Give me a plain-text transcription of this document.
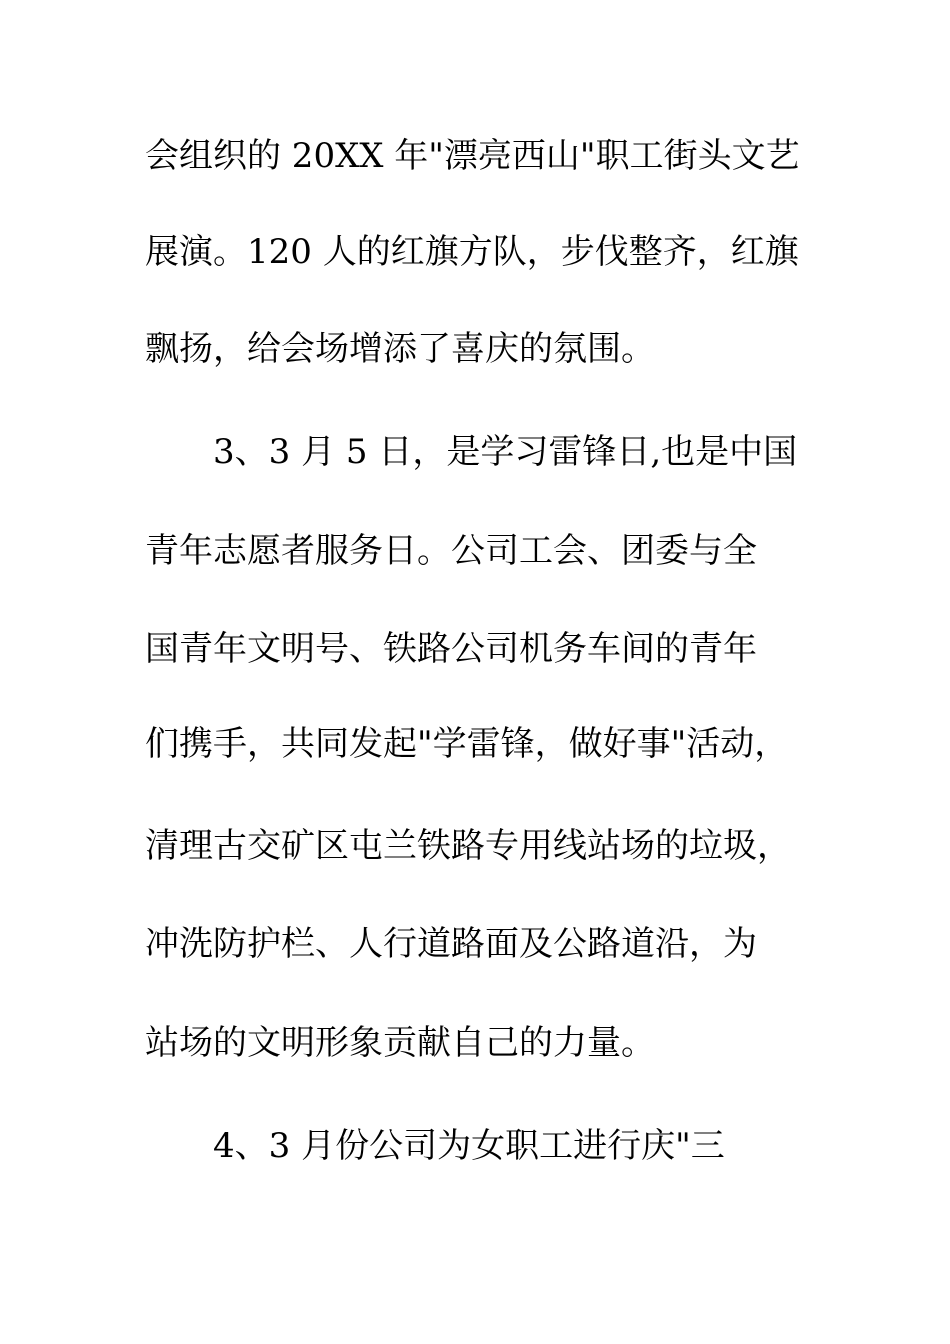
会组织的 20XX 年"漂亮西山"职工街头文艺
展演。120 人的红旗方队，步伐整齐，红旗
飘扬，给会场增添了喜庆的氛围。
3、3 月 5 日，是学习雷锋日,也是中国
青年志愿者服务日。公司工会、团委与全
国青年文明号、铁路公司机务车间的青年
们携手，共同发起"学雷锋，做好事"活动，
清理古交矿区屯兰铁路专用线站场的垃圾，
冲洗防护栏、人行道路面及公路道沿，为
站场的文明形象贡献自己的力量。
4、3 月份公司为女职工进行庆"三
